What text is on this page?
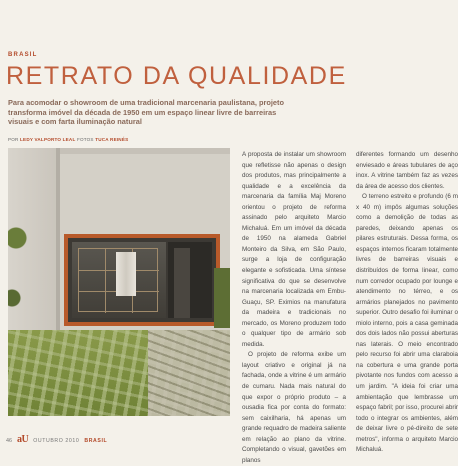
BRASIL
RETRATO DA QUALIDADE

Para acomodar o showroom de uma tradicional marcenaria paulistana, projeto transforma imóvel da década de 1950 em um espaço linear livre de barreiras visuais e com farta iluminação natural

POR LEDY VALPORTO LEAL FOTOS TUCA REINÉS

A proposta de instalar um showroom que refletisse não apenas o design dos produtos, mas principalmente a qualidade e a excelência da marcenaria da família Maj Moreno orientou o projeto de reforma assinado pelo arquiteto Marcio Michaluá. Em um imóvel da década de 1950 na alameda Gabriel Monteiro da Silva, em São Paulo, surge a loja de configuração elegante e sofisticada. Uma síntese significativa do que se desenvolve na marcenaria localizada em Embu-Guaçu, SP. Eximios na manufatura da madeira e tradicionais no mercado, os Moreno produzem todo o qualquer tipo de armário sob medida.

O projeto de reforma exibe um layout criativo e original já na fachada, onde a vitrine é um armário de cumaru. Nada mais natural do que expor o próprio produto – a ousadia fica por conta do formato: sem caixilharia, há apenas um grande requadro de madeira saliente em relação ao plano da vitrine. Completando o visual, gavetões em planos

diferentes formando um desenho enviesado e áreas tubulares de aço inox. A vitrine também faz as vezes da área de acesso dos clientes.

O terreno estreito e profundo (6 m x 40 m) impôs algumas soluções como a demolição de todas as paredes, deixando apenas os pilares estruturais. Dessa forma, os espaços internos ficaram totalmente livres de barreiras visuais e distribuídos de forma linear, como num corredor ocupado por lounge e atendimento no térreo, e os armários planejados no pavimento superior. Outro desafio foi iluminar o miolo interno, pois a casa geminada dos dois lados não possui aberturas nas laterais. O meio encontrado pelo recurso foi abrir uma claraboia na cobertura e uma grande porta pivotante nos fundos com acesso a um jardim. "A ideia foi criar uma ambientação que lembrasse um espaço fabril; por isso, procurei abrir todo o integrar os ambientes, além de deixar livre o pé-direito de sete metros", informa o arquiteto Marcio Michaluá.

46 aU OUTUBRO 2010 BRASIL
